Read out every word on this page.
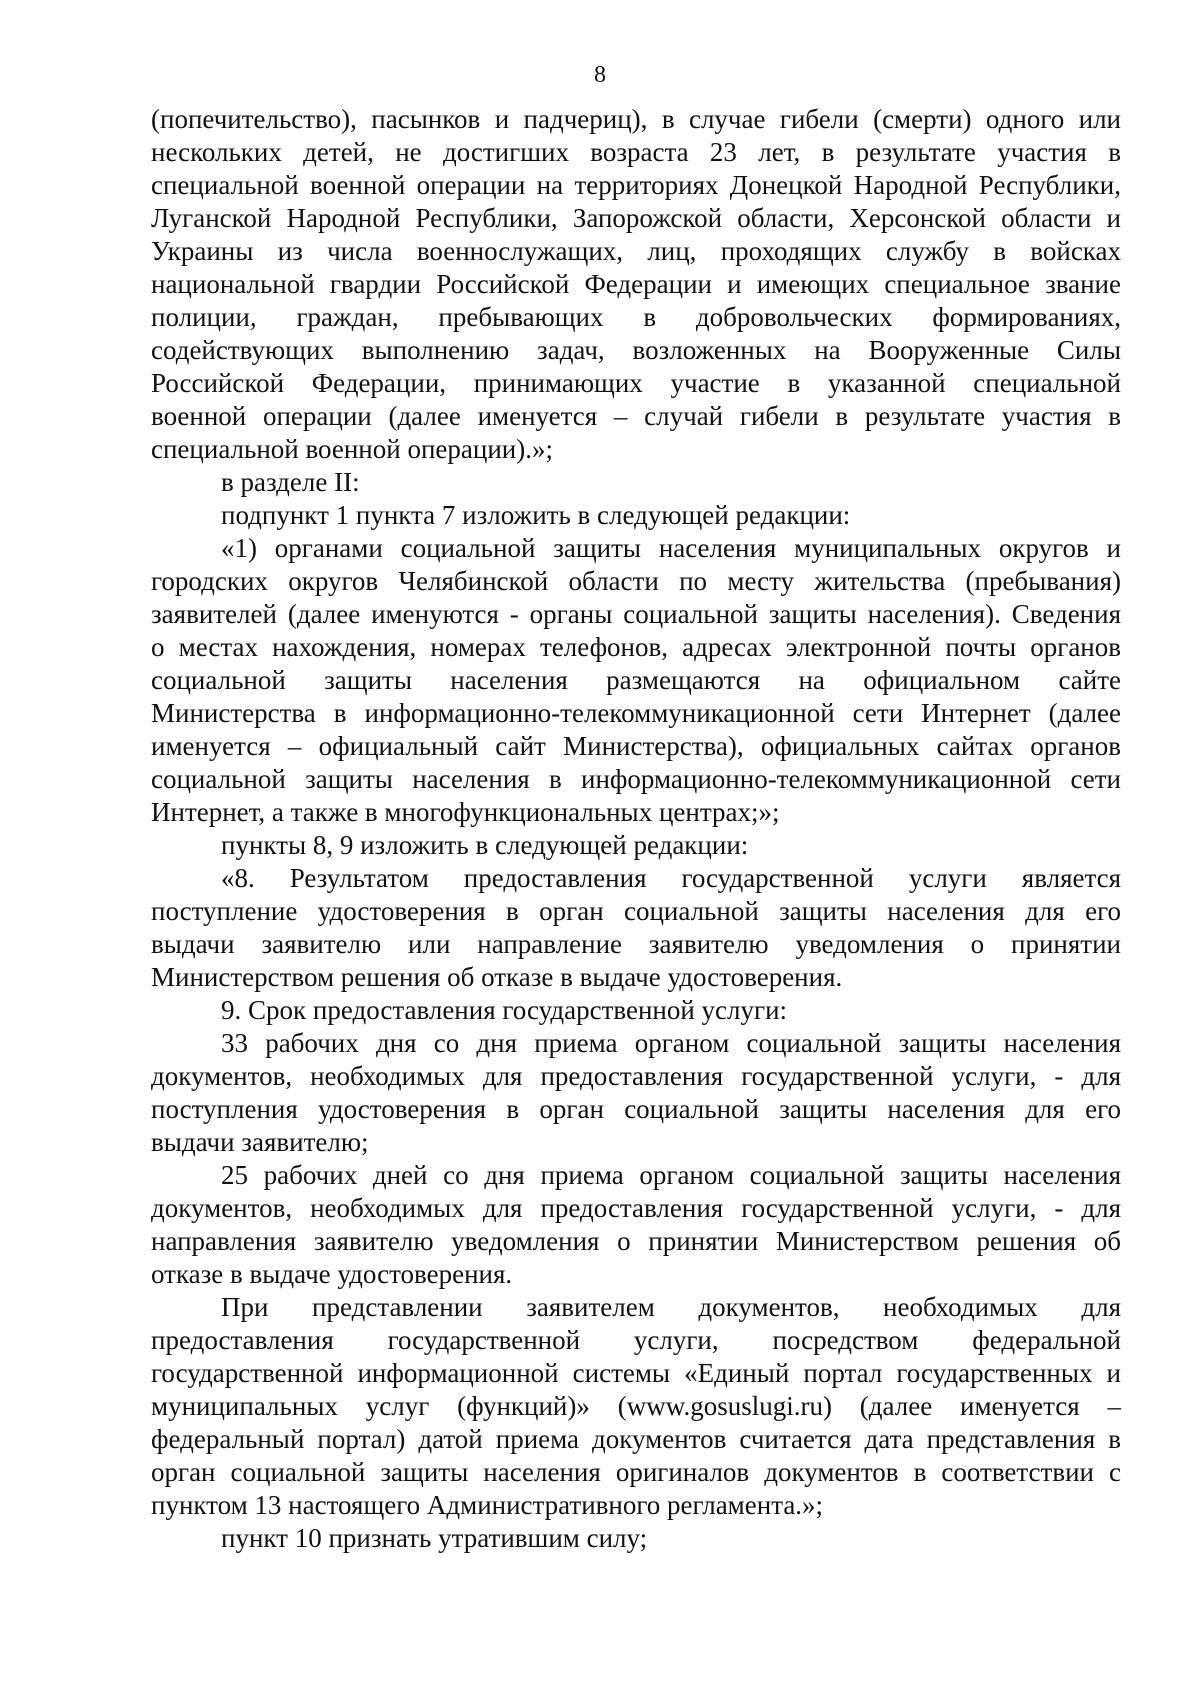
8
(попечительство), пасынков и падчериц), в случае гибели (смерти) одного или
нескольких детей, не достигших возраста 23 лет, в результате участия в
специальной военной операции на территориях Донецкой Народной Республики,
Луганской Народной Республики, Запорожской области, Херсонской области и
Украины из числа военнослужащих, лиц, проходящих службу в войсках
национальной гвардии Российской Федерации и имеющих специальное звание
полиции, граждан, пребывающих в добровольческих формированиях,
содействующих выполнению задач, возложенных на Вооруженные Силы
Российской Федерации, принимающих участие в указанной специальной
военной операции (далее именуется – случай гибели в результате участия в
специальной военной операции).»;
в разделе II:
подпункт 1 пункта 7 изложить в следующей редакции:
«1) органами социальной защиты населения муниципальных округов и
городских округов Челябинской области по месту жительства (пребывания)
заявителей (далее именуются - органы социальной защиты населения). Сведения
о местах нахождения, номерах телефонов, адресах электронной почты органов
социальной защиты населения размещаются на официальном сайте
Министерства в информационно-телекоммуникационной сети Интернет (далее
именуется – официальный сайт Министерства), официальных сайтах органов
социальной защиты населения в информационно-телекоммуникационной сети
Интернет, а также в многофункциональных центрах;»;
пункты 8, 9 изложить в следующей редакции:
«8. Результатом предоставления государственной услуги является
поступление удостоверения в орган социальной защиты населения для его
выдачи заявителю или направление заявителю уведомления о принятии
Министерством решения об отказе в выдаче удостоверения.
9. Срок предоставления государственной услуги:
33 рабочих дня со дня приема органом социальной защиты населения
документов, необходимых для предоставления государственной услуги, - для
поступления удостоверения в орган социальной защиты населения для его
выдачи заявителю;
25 рабочих дней со дня приема органом социальной защиты населения
документов, необходимых для предоставления государственной услуги, - для
направления заявителю уведомления о принятии Министерством решения об
отказе в выдаче удостоверения.
При представлении заявителем документов, необходимых для
предоставления государственной услуги, посредством федеральной
государственной информационной системы «Единый портал государственных и
муниципальных услуг (функций)» (www.gosuslugi.ru) (далее именуется –
федеральный портал) датой приема документов считается дата представления в
орган социальной защиты населения оригиналов документов в соответствии с
пунктом 13 настоящего Административного регламента.»;
пункт 10 признать утратившим силу;
